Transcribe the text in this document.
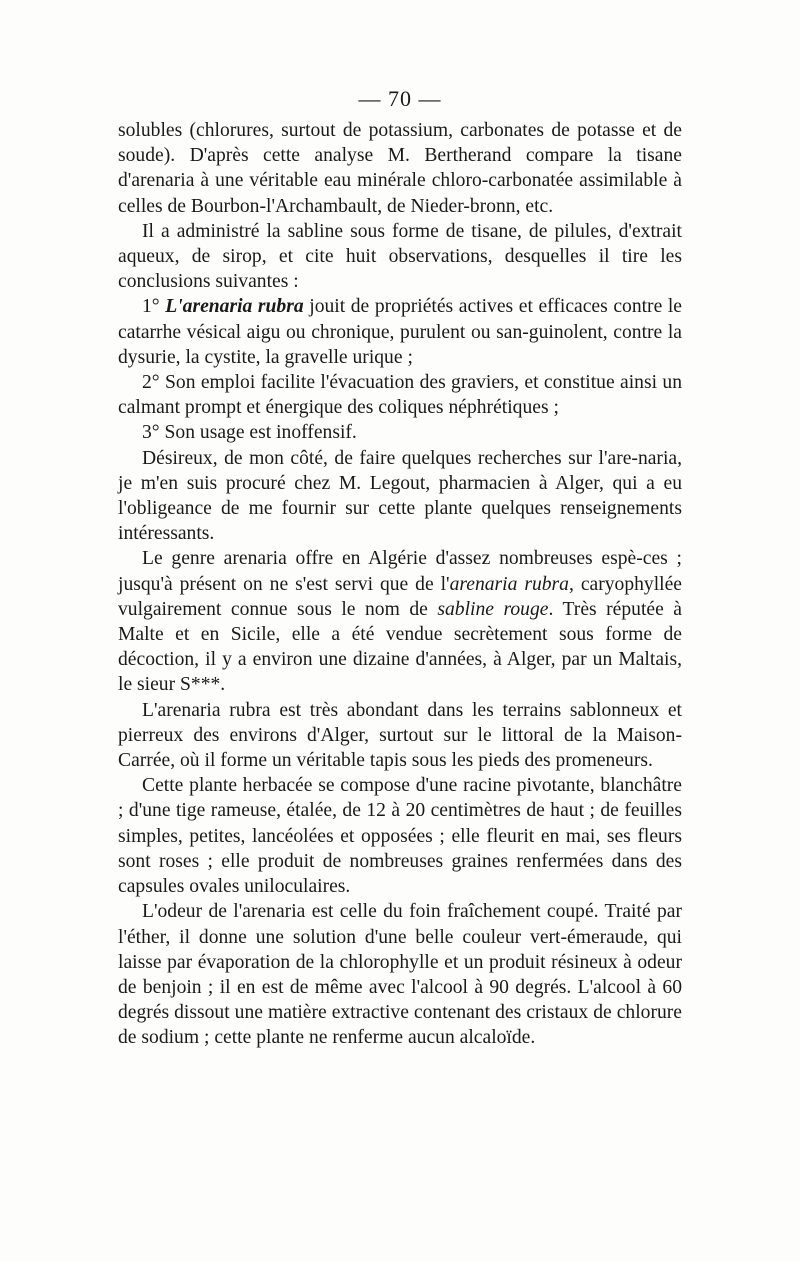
— 70 —

solubles (chlorures, surtout de potassium, carbonates de potasse et de soude). D'après cette analyse M. Bertherand compare la tisane d'arenaria à une véritable eau minérale chloro-carbonatée assimilable à celles de Bourbon-l'Archambault, de Nieder-bronn, etc.

Il a administré la sabline sous forme de tisane, de pilules, d'extrait aqueux, de sirop, et cite huit observations, desquelles il tire les conclusions suivantes :

1° L'arenaria rubra jouit de propriétés actives et efficaces contre le catarrhe vésical aigu ou chronique, purulent ou san-guinolent, contre la dysurie, la cystite, la gravelle urique ;

2° Son emploi facilite l'évacuation des graviers, et constitue ainsi un calmant prompt et énergique des coliques néphrétiques ;

3° Son usage est inoffensif.

Désireux, de mon côté, de faire quelques recherches sur l'are-naria, je m'en suis procuré chez M. Legout, pharmacien à Alger, qui a eu l'obligeance de me fournir sur cette plante quelques renseignements intéressants.

Le genre arenaria offre en Algérie d'assez nombreuses espè-ces ; jusqu'à présent on ne s'est servi que de l'arenaria rubra, caryophyllée vulgairement connue sous le nom de sabline rouge. Très réputée à Malte et en Sicile, elle a été vendue secrètement sous forme de décoction, il y a environ une dizaine d'années, à Alger, par un Maltais, le sieur S***.

L'arenaria rubra est très abondant dans les terrains sablonneux et pierreux des environs d'Alger, surtout sur le littoral de la Maison-Carrée, où il forme un véritable tapis sous les pieds des promeneurs.

Cette plante herbacée se compose d'une racine pivotante, blanchâtre ; d'une tige rameuse, étalée, de 12 à 20 centimètres de haut ; de feuilles simples, petites, lancéolées et opposées ; elle fleurit en mai, ses fleurs sont roses ; elle produit de nombreuses graines renfermées dans des capsules ovales uniloculaires.

L'odeur de l'arenaria est celle du foin fraîchement coupé. Traité par l'éther, il donne une solution d'une belle couleur vert-émeraude, qui laisse par évaporation de la chlorophylle et un produit résineux à odeur de benjoin ; il en est de même avec l'alcool à 90 degrés. L'alcool à 60 degrés dissout une matière extractive contenant des cristaux de chlorure de sodium ; cette plante ne renferme aucun alcaloïde.
